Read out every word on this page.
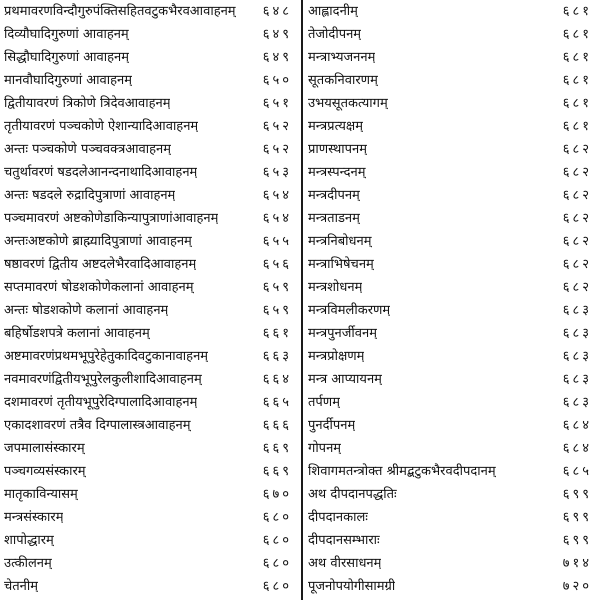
प्रथमावरणविन्दौगुरुपंक्तिसहितवटुकभैरवआवाहनम् ६४८
दिव्यौघादिगुरुणां आवाहनम्	६४९
सिद्धौघादिगुरुणां आवाहनम्	६४९
मानवौघादिगुरुणां आवाहनम्	६५०
द्वितीयावरणं त्रिकोणे त्रिदेवआवाहनम्	६५१
तृतीयावरणं पञ्चकोणे ऐशान्यादिआवाहनम्	६५२
अन्तः पञ्चकोणे पञ्चवक्त्रआवाहनम्	६५२
चतुर्थावरणं षडदलेआनन्दनाथादिआवाहनम्	६५३
अन्तः षडदले रुद्रादिपुत्राणां आवाहनम्	६५४
पञ्चमावरणं अष्टकोणेडाकिन्यापुत्राणांआवाहनम्	६५४
अन्तःअष्टकोणे ब्राह्म्यादिपुत्राणां आवाहनम्	६५५
षष्ठावरणं द्वितीय अष्टदलेभैरवादिआवाहनम्	६५६
सप्तमावरणं षोडशकोणेकलानां आवाहनम्	६५९
अन्तः षोडशकोणे कलानां आवाहनम्	६५९
बहिर्षोडशपत्रे कलानां आवाहनम्	६६१
अष्टमावरणंप्रथमभूपुरेहेतुकादिवटुकानावाहनम्	६६३
नवमावरणंद्वितीयभूपुरेलकुलीशादिआवाहनम्	६६४
दशमावरणं तृतीयभूपुरेदिग्पालादिआवाहनम्	६६५
एकादशावरणं तत्रैव दिग्पालास्त्रआवाहनम्	६६६
जपमालासंस्कारम्	६६९
पञ्चगव्यसंस्कारम्	६६९
मातृकाविन्यासम्	६७०
मन्त्रसंस्कारम्	६८०
शापोद्धारम्	६८०
उत्कीलनम्	६८०
चेतनीम्	६८०
आह्लादनीम्	६८१
तेजोदीपनम्	६८१
मन्त्राभ्यजननम्	६८१
सूतकनिवारणम्	६८१
उभयसूतकत्यागम्	६८१
मन्त्रप्रत्यक्षम्	६८१
प्राणस्थापनम्	६८२
मन्त्रस्पन्दनम्	६८२
मन्त्रदीपनम्	६८२
मन्त्रताडनम्	६८२
मन्त्रनिबोधनम्	६८२
मन्त्राभिषेचनम्	६८२
मन्त्रशोधनम्	६८२
मन्त्रविमलीकरणम्	६८३
मन्त्रपुनर्जीवनम्	६८३
मन्त्रप्रोक्षणम्	६८३
मन्त्र आप्यायनम्	६८३
तर्पणम्	६८३
पुनर्दीपनम्	६८४
गोपनम्	६८४
शिवागमतन्त्रोक्त श्रीमद्बटुकभैरवदीपदानम्	६८५
अथ दीपदानपद्धतिः	६९९
दीपदानकालः	६९९
दीपदानसम्भाराः	६९९
अथ वीरसाधनम्	७१४
पूजनोपयोगीसामग्री	७२०
